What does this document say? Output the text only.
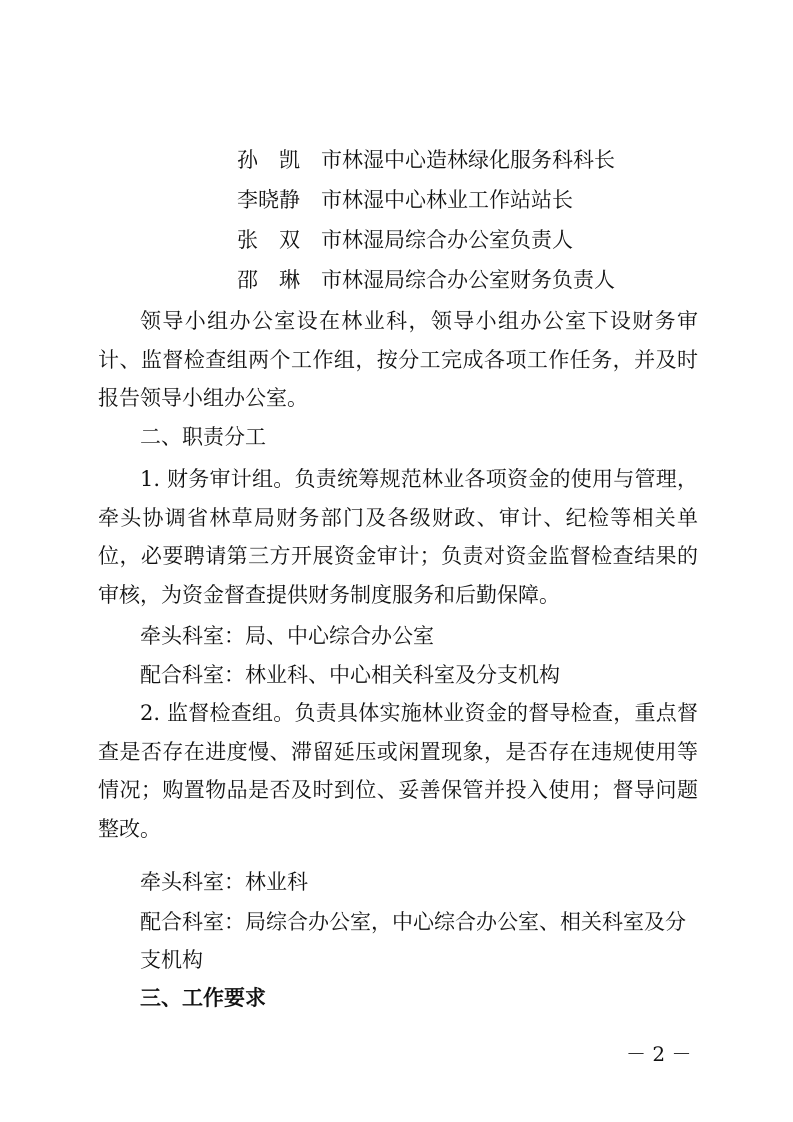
孙　凯 市林湿中心造林绿化服务科科长
李晓静 市林湿中心林业工作站站长
张　双 市林湿局综合办公室负责人
邵　琳 市林湿局综合办公室财务负责人

领导小组办公室设在林业科，领导小组办公室下设财务审计、监督检查组两个工作组，按分工完成各项工作任务，并及时报告领导小组办公室。

二、职责分工

1. 财务审计组。负责统筹规范林业各项资金的使用与管理，牵头协调省林草局财务部门及各级财政、审计、纪检等相关单位，必要聘请第三方开展资金审计；负责对资金监督检查结果的审核，为资金督查提供财务制度服务和后勤保障。

牵头科室：局、中心综合办公室
配合科室：林业科、中心相关科室及分支机构

2. 监督检查组。负责具体实施林业资金的督导检查，重点督查是否存在进度慢、滞留延压或闲置现象，是否存在违规使用等情况；购置物品是否及时到位、妥善保管并投入使用；督导问题整改。

牵头科室：林业科
配合科室：局综合办公室，中心综合办公室、相关科室及分
支机构
三、工作要求
－ 2 －
